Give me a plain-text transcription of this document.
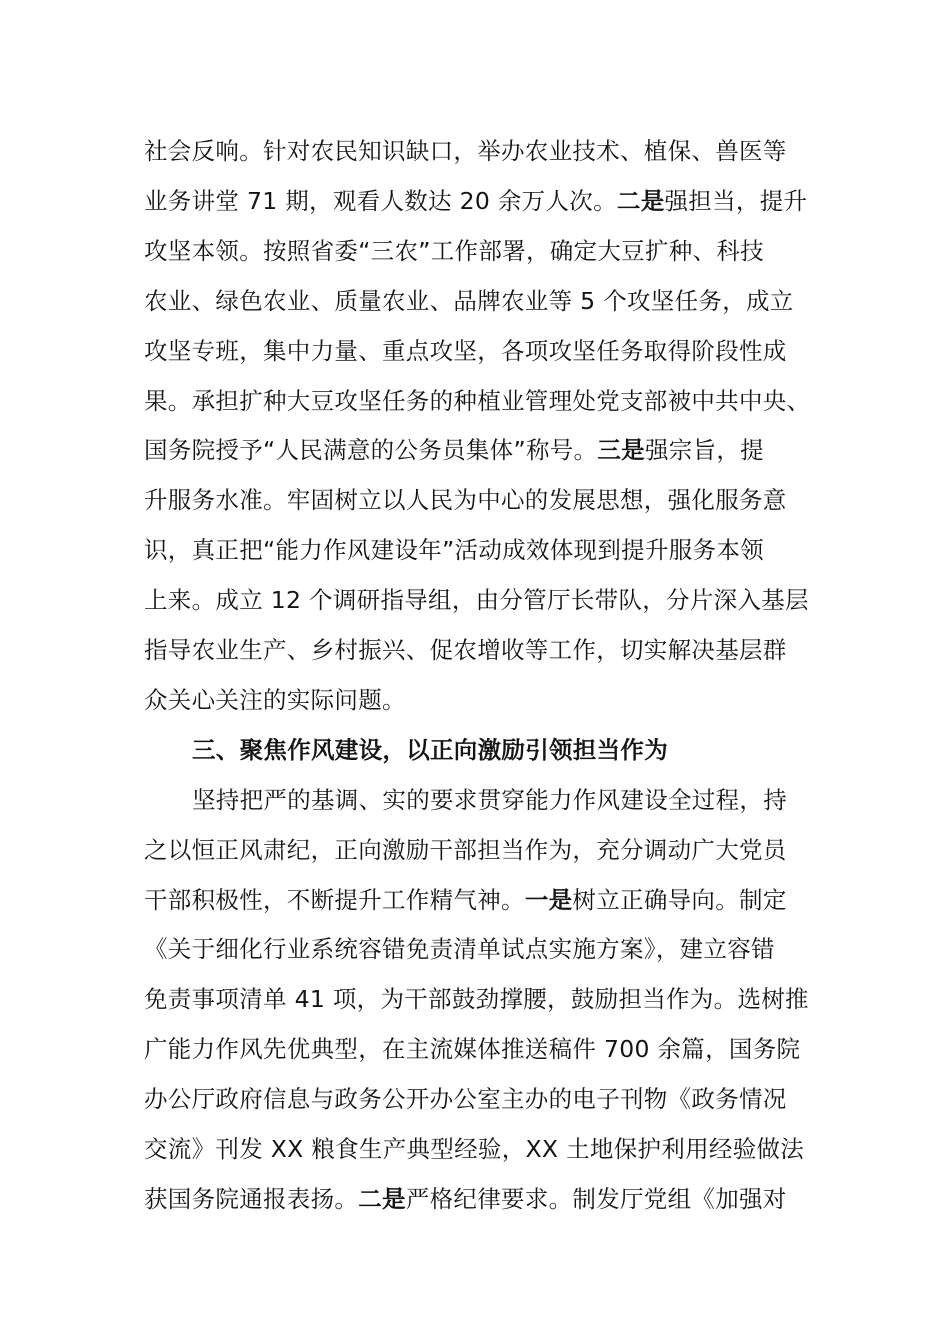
社会反响。针对农民知识缺口，举办农业技术、植保、兽医等
业务讲堂 71 期，观看人数达 20 余万人次。二是强担当，提升
攻坚本领。按照省委“三农”工作部署，确定大豆扩种、科技
农业、绿色农业、质量农业、品牌农业等 5 个攻坚任务，成立
攻坚专班，集中力量、重点攻坚，各项攻坚任务取得阶段性成
果。承担扩种大豆攻坚任务的种植业管理处党支部被中共中央、
国务院授予“人民满意的公务员集体”称号。三是强宗旨，提
升服务水准。牢固树立以人民为中心的发展思想，强化服务意
识，真正把“能力作风建设年”活动成效体现到提升服务本领
上来。成立 12 个调研指导组，由分管厅长带队，分片深入基层
指导农业生产、乡村振兴、促农增收等工作，切实解决基层群
众关心关注的实际问题。
三、聚焦作风建设，以正向激励引领担当作为
坚持把严的基调、实的要求贯穿能力作风建设全过程，持
之以恒正风肃纪，正向激励干部担当作为，充分调动广大党员
干部积极性，不断提升工作精气神。一是树立正确导向。制定
《关于细化行业系统容错免责清单试点实施方案》，建立容错
免责事项清单 41 项，为干部鼓劲撑腰，鼓励担当作为。选树推
广能力作风先优典型，在主流媒体推送稿件 700 余篇，国务院
办公厅政府信息与政务公开办公室主办的电子刊物《政务情况
交流》刊发 XX 粮食生产典型经验，XX 土地保护利用经验做法
获国务院通报表扬。二是严格纪律要求。制发厅党组《加强对
